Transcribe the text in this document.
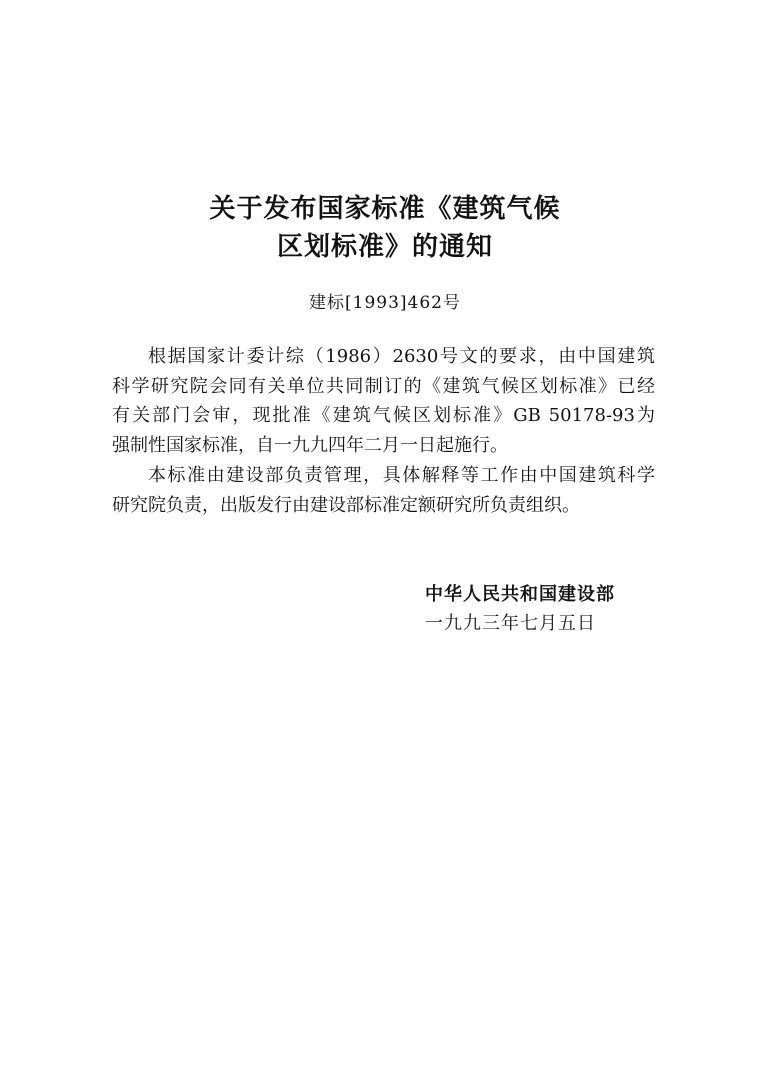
关于发布国家标准《建筑气候
区划标准》的通知
建标[1993]462号
根据国家计委计综（1986）2630号文的要求，由中国建筑
科学研究院会同有关单位共同制订的《建筑气候区划标准》已经
有关部门会审，现批准《建筑气候区划标准》GB 50178-93为
强制性国家标准，自一九九四年二月一日起施行。
本标准由建设部负责管理，具体解释等工作由中国建筑科学
研究院负责，出版发行由建设部标准定额研究所负责组织。
中华人民共和国建设部
一九九三年七月五日
